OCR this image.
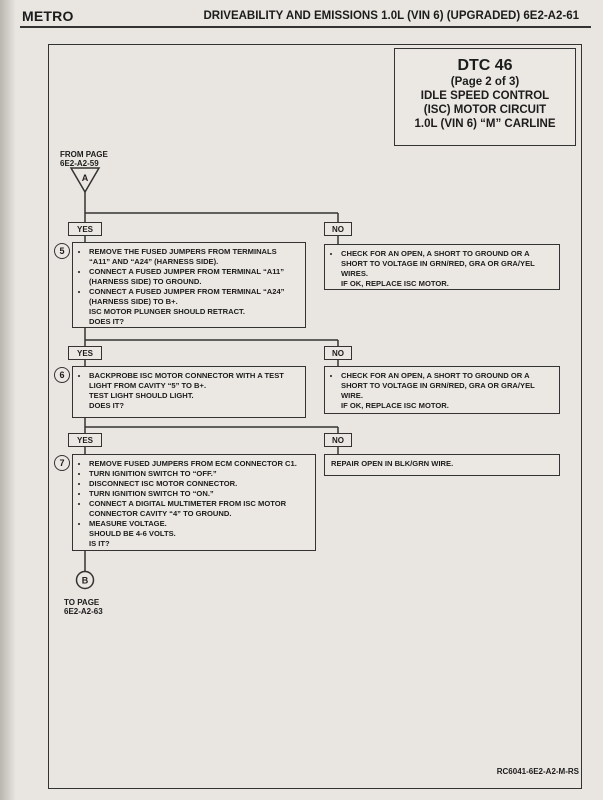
METRO	DRIVEABILITY AND EMISSIONS 1.0L (VIN 6) (UPGRADED) 6E2-A2-61
DTC 46
(Page 2 of 3)
IDLE SPEED CONTROL
(ISC) MOTOR CIRCUIT
1.0L (VIN 6) “M” CARLINE
A
B
FROM PAGE
6E2-A2-59
YES	NO
5	• REMOVE THE FUSED JUMPERS FROM TERMINALS “A11” AND “A24” (HARNESS SIDE).
• CONNECT A FUSED JUMPER FROM TERMINAL “A11” (HARNESS SIDE) TO GROUND.
• CONNECT A FUSED JUMPER FROM TERMINAL “A24” (HARNESS SIDE) TO B+.
ISC MOTOR PLUNGER SHOULD RETRACT.
DOES IT?
• CHECK FOR AN OPEN, A SHORT TO GROUND OR A SHORT TO VOLTAGE IN GRN/RED, GRA OR GRA/YEL WIRES.
IF OK, REPLACE ISC MOTOR.
YES	NO
6	• BACKPROBE ISC MOTOR CONNECTOR WITH A TEST LIGHT FROM CAVITY “5” TO B+.
TEST LIGHT SHOULD LIGHT.
DOES IT?
• CHECK FOR AN OPEN, A SHORT TO GROUND OR A SHORT TO VOLTAGE IN GRN/RED, GRA OR GRA/YEL WIRE.
IF OK, REPLACE ISC MOTOR.
YES	NO
7	• REMOVE FUSED JUMPERS FROM ECM CONNECTOR C1.
• TURN IGNITION SWITCH TO “OFF.”
• DISCONNECT ISC MOTOR CONNECTOR.
• TURN IGNITION SWITCH TO “ON.”
• CONNECT A DIGITAL MULTIMETER FROM ISC MOTOR CONNECTOR CAVITY “4” TO GROUND.
• MEASURE VOLTAGE.
SHOULD BE 4-6 VOLTS.
IS IT?
REPAIR OPEN IN BLK/GRN WIRE.
TO PAGE
6E2-A2-63
RC6041-6E2-A2-M-RS
